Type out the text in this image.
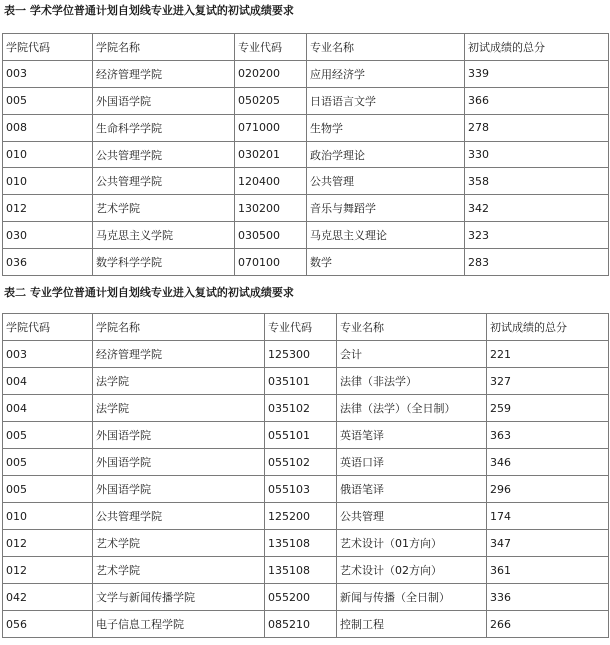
表一 学术学位普通计划自划线专业进入复试的初试成绩要求
学院代码	学院名称	专业代码	专业名称	初试成绩的总分
003	经济管理学院	020200	应用经济学	339
005	外国语学院	050205	日语语言文学	366
008	生命科学学院	071000	生物学	278
010	公共管理学院	030201	政治学理论	330
010	公共管理学院	120400	公共管理	358
012	艺术学院	130200	音乐与舞蹈学	342
030	马克思主义学院	030500	马克思主义理论	323
036	数学科学学院	070100	数学	283
表二 专业学位普通计划自划线专业进入复试的初试成绩要求
学院代码	学院名称	专业代码	专业名称	初试成绩的总分
003	经济管理学院	125300	会计	221
004	法学院	035101	法律（非法学）	327
004	法学院	035102	法律（法学）（全日制）	259
005	外国语学院	055101	英语笔译	363
005	外国语学院	055102	英语口译	346
005	外国语学院	055103	俄语笔译	296
010	公共管理学院	125200	公共管理	174
012	艺术学院	135108	艺术设计（01方向）	347
012	艺术学院	135108	艺术设计（02方向）	361
042	文学与新闻传播学院	055200	新闻与传播（全日制）	336
056	电子信息工程学院	085210	控制工程	266
